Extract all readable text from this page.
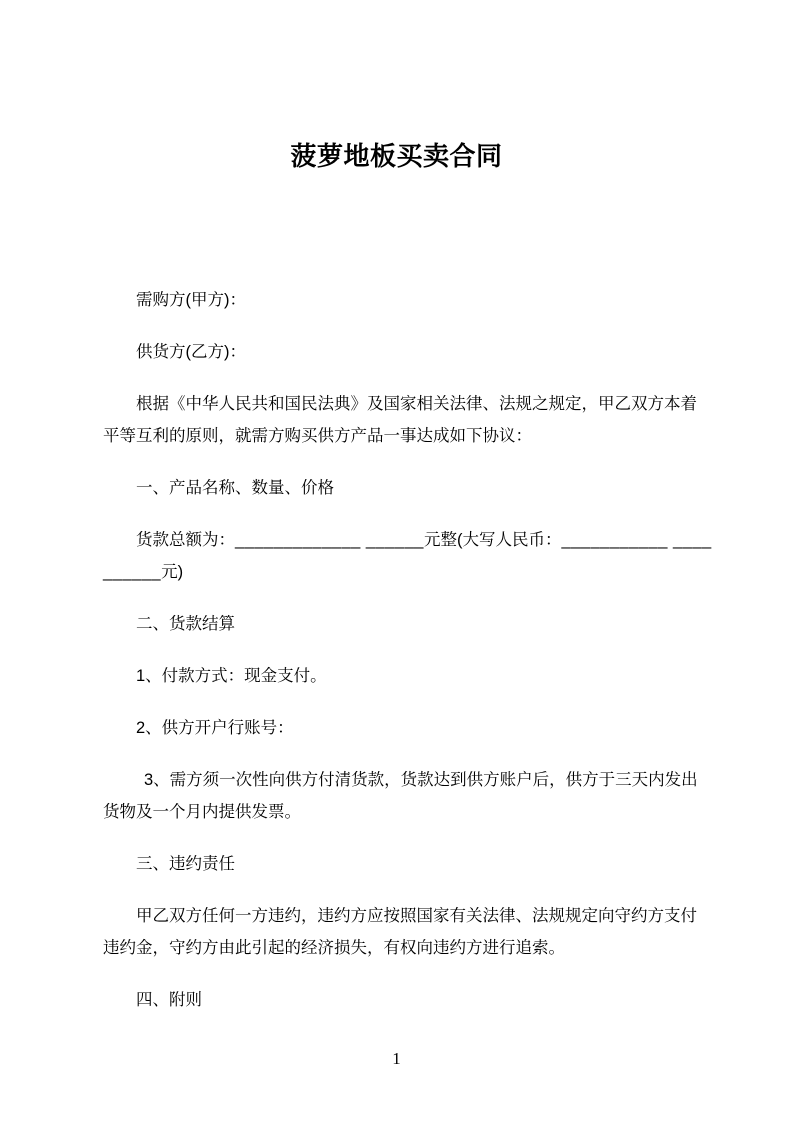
菠萝地板买卖合同

需购方(甲方)：

供货方(乙方)：

根据《中华人民共和国民法典》及国家相关法律、法规之规定，甲乙双方本着平等互利的原则，就需方购买供方产品一事达成如下协议：

一、产品名称、数量、价格

货款总额为：_____________ ______元整(大写人民币：___________ ____
______元)

二、货款结算

1、付款方式：现金支付。

2、供方开户行账号：

3、需方须一次性向供方付清货款，货款达到供方账户后，供方于三天内发出货物及一个月内提供发票。

三、违约责任

甲乙双方任何一方违约，违约方应按照国家有关法律、法规规定向守约方支付违约金，守约方由此引起的经济损失，有权向违约方进行追索。

四、附则

1
